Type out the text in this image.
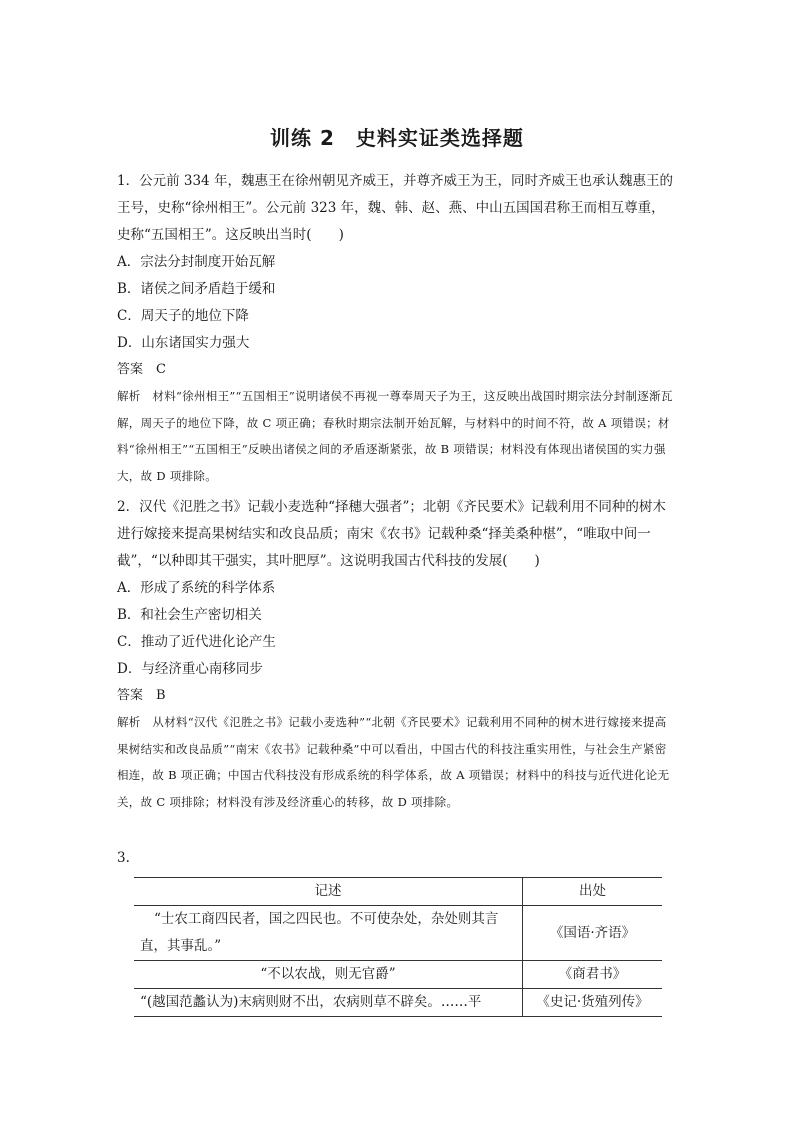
训练 2　史料实证类选择题
1．公元前 334 年，魏惠王在徐州朝见齐威王，并尊齐威王为王，同时齐威王也承认魏惠王的王号，史称“徐州相王”。公元前 323 年，魏、韩、赵、燕、中山五国国君称王而相互尊重，史称“五国相王”。这反映出当时(　　)
A．宗法分封制度开始瓦解
B．诸侯之间矛盾趋于缓和
C．周天子的地位下降
D．山东诸国实力强大
答案　C
解析　材料“徐州相王”“五国相王”说明诸侯不再视一尊奉周天子为王，这反映出战国时期宗法分封制逐渐瓦解，周天子的地位下降，故 C 项正确；春秋时期宗法制开始瓦解，与材料中的时间不符，故 A 项错误；材料“徐州相王”“五国相王”反映出诸侯之间的矛盾逐渐紧张，故 B 项错误；材料没有体现出诸侯国的实力强大，故 D 项排除。
2．汉代《氾胜之书》记载小麦选种“择穗大强者”；北朝《齐民要术》记载利用不同种的树木进行嫁接来提高果树结实和改良品质；南宋《农书》记载种桑“择美桑种椹”，“唯取中间一截”，“以种即其干强实，其叶肥厚”。这说明我国古代科技的发展(　　)
A．形成了系统的科学体系
B．和社会生产密切相关
C．推动了近代进化论产生
D．与经济重心南移同步
答案　B
解析　从材料“汉代《氾胜之书》记载小麦选种”“北朝《齐民要术》记载利用不同种的树木进行嫁接来提高果树结实和改良品质”“南宋《农书》记载种桑”中可以看出，中国古代的科技注重实用性，与社会生产紧密相连，故 B 项正确；中国古代科技没有形成系统的科学体系，故 A 项错误；材料中的科技与近代进化论无关，故 C 项排除；材料没有涉及经济重心的转移，故 D 项排除。
3.
记述	出处
“士农工商四民者，国之四民也。不可使杂处，杂处则其言直，其事乱。”	《国语·齐语》
“不以农战，则无官爵”	《商君书》
“(越国范蠡认为)末病则财不出，农病则草不辟矣。……平	《史记·货殖列传》
